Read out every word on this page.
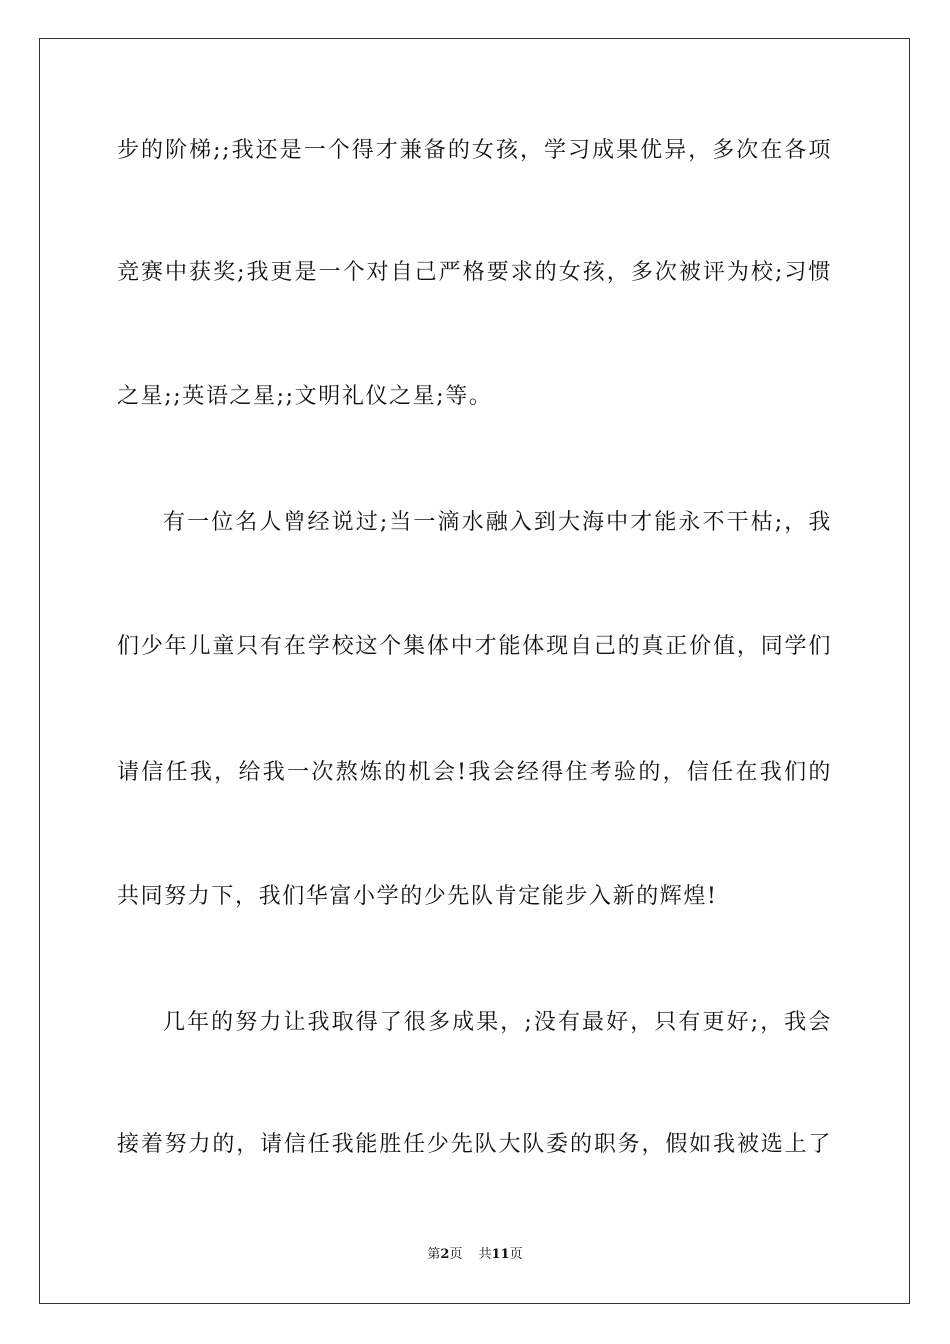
步的阶梯;;我还是一个得才兼备的女孩，学习成果优异，多次在各项
竞赛中获奖;我更是一个对自己严格要求的女孩，多次被评为校;习惯
之星;;英语之星;;文明礼仪之星;等。
有一位名人曾经说过;当一滴水融入到大海中才能永不干枯;，我
们少年儿童只有在学校这个集体中才能体现自己的真正价值，同学们
请信任我，给我一次熬炼的机会!我会经得住考验的，信任在我们的
共同努力下，我们华富小学的少先队肯定能步入新的辉煌!
几年的努力让我取得了很多成果，;没有最好，只有更好;，我会
接着努力的，请信任我能胜任少先队大队委的职务，假如我被选上了
第2页 共11页
